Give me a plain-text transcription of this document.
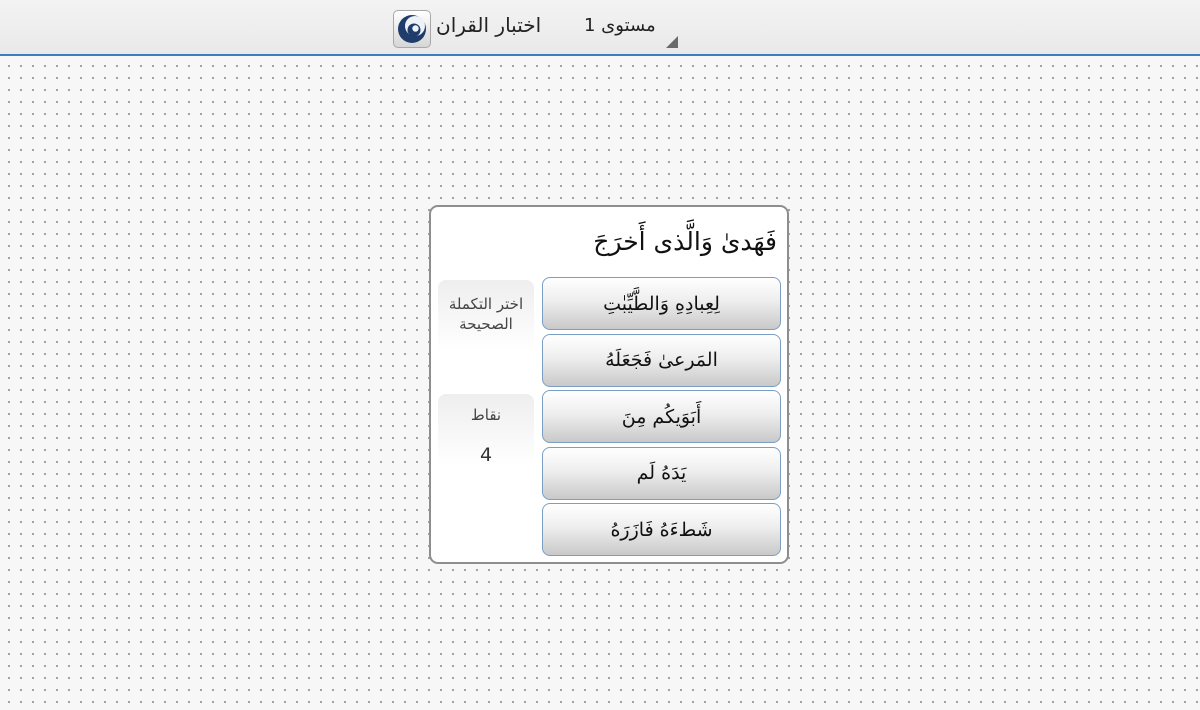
اختبار القران مستوى 1
فَهَدىٰ وَالَّذى أَخرَجَ
لِعِبادِهِ وَالطَّيِّبٰتِ
المَرعىٰ فَجَعَلَهُ
أَبَوَيكُم مِنَ
يَدَهُ لَم
شَطءَهُ فَازَرَهُ
اختر التكملة الصحيحة
نقاط
4
